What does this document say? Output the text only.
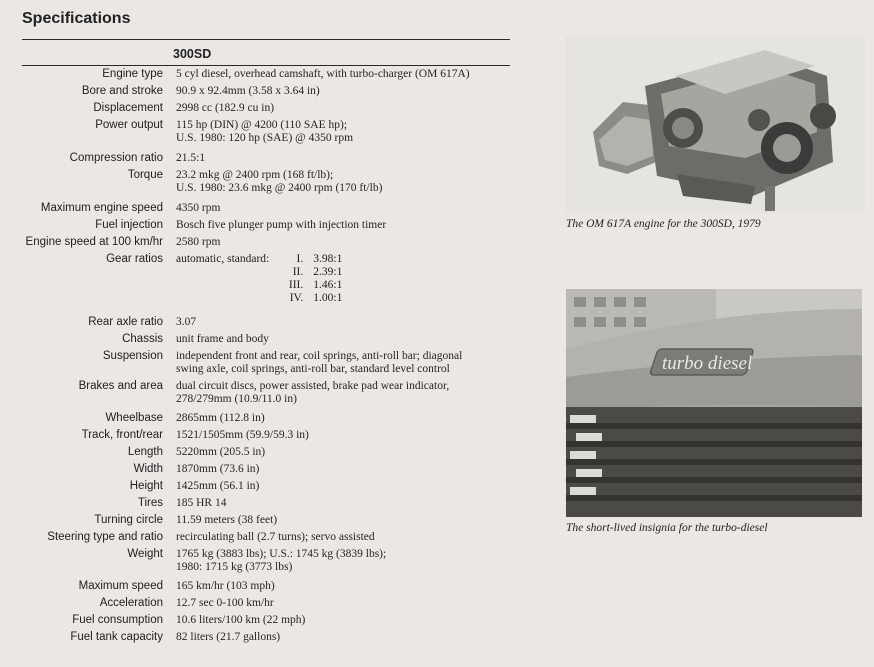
Specifications
300SD
Engine type 5 cyl diesel, overhead camshaft, with turbo-charger (OM 617A)
Bore and stroke 90.9 x 92.4mm (3.58 x 3.64 in)
Displacement 2998 cc (182.9 cu in)
Power output 115 hp (DIN) @ 4200 (110 SAE hp);
U.S. 1980: 120 hp (SAE) @ 4350 rpm
Compression ratio 21.5:1
Torque 23.2 mkg @ 2400 rpm (168 ft/lb);
U.S. 1980: 23.6 mkg @ 2400 rpm (170 ft/lb)
Maximum engine speed 4350 rpm
Fuel injection Bosch five plunger pump with injection timer
Engine speed at 100 km/hr 2580 rpm
Gear ratios automatic, standard:	I. 3.98:1
II. 2.39:1
III. 1.46:1
IV. 1.00:1
Rear axle ratio 3.07
Chassis unit frame and body
Suspension independent front and rear, coil springs, anti-roll bar; diagonal
swing axle, coil springs, anti-roll bar, standard level control
Brakes and area dual circuit discs, power assisted, brake pad wear indicator,
278/279mm (10.9/11.0 in)
Wheelbase 2865mm (112.8 in)
Track, front/rear 1521/1505mm (59.9/59.3 in)
Length 5220mm (205.5 in)
Width 1870mm (73.6 in)
Height 1425mm (56.1 in)
Tires 185 HR 14
Turning circle 11.59 meters (38 feet)
Steering type and ratio recirculating ball (2.7 turns); servo assisted
Weight 1765 kg (3883 lbs); U.S.: 1745 kg (3839 lbs);
1980: 1715 kg (3773 lbs)
Maximum speed 165 km/hr (103 mph)
Acceleration 12.7 sec 0-100 km/hr
Fuel consumption 10.6 liters/100 km (22 mph)
Fuel tank capacity 82 liters (21.7 gallons)
The OM 617A engine for the 300SD, 1979
turbo diesel
The short-lived insignia for the turbo-diesel
